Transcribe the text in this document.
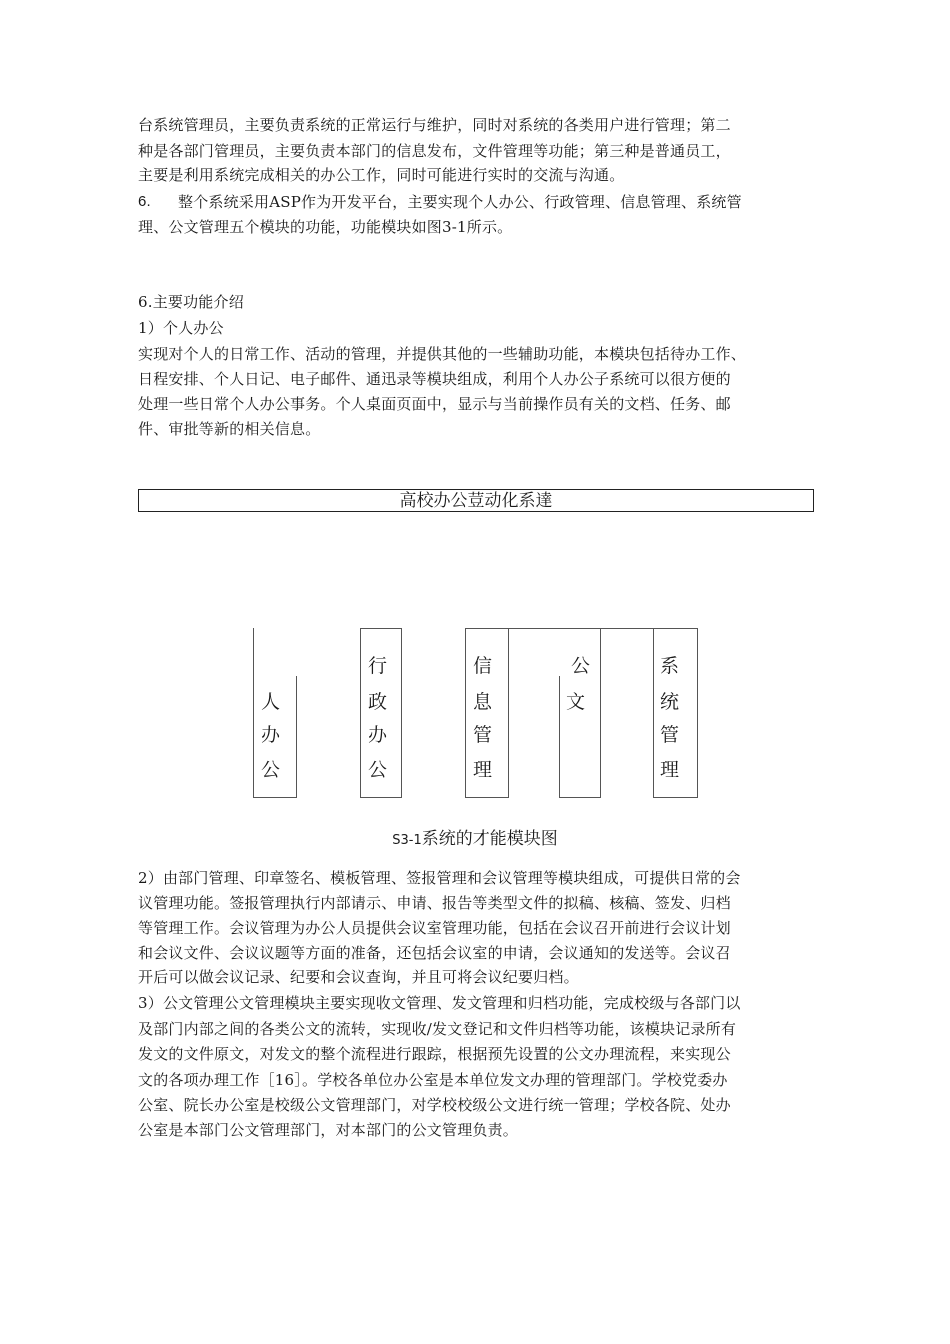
台系统管理员，主要负责系统的正常运行与维护，同时对系统的各类用户进行管理；第二
种是各部门管理员，主要负责本部门的信息发布，文件管理等功能；第三种是普通员工，
主要是利用系统完成相关的办公工作，同时可能进行实时的交流与沟通。
6. 整个系统采用ASP作为开发平台，主要实现个人办公、行政管理、信息管理、系统管
理、公文管理五个模块的功能，功能模块如图3-1所示。
6.主要功能介绍
1）个人办公
实现对个人的日常工作、活动的管理，并提供其他的一些辅助功能，本模块包括待办工作、
日程安排、个人日记、电子邮件、通迅录等模块组成，利用个人办公子系统可以很方便的
处理一些日常个人办公事务。个人桌面页面中，显示与当前操作员有关的文档、任务、邮
件、审批等新的相关信息。
高校办公荳动化系達
人
办
公
行
政
办
公
信
息
管
理
公
文
系
统
管
理
S3-1系统的才能模块图
2）由部门管理、印章签名、模板管理、签报管理和会议管理等模块组成，可提供日常的会
议管理功能。签报管理执行内部请示、申请、报告等类型文件的拟稿、核稿、签发、归档
等管理工作。会议管理为办公人员提供会议室管理功能，包括在会议召开前进行会议计划
和会议文件、会议议题等方面的准备，还包括会议室的申请，会议通知的发送等。会议召
开后可以做会议记录、纪要和会议查询，并且可将会议纪要归档。
3）公文管理公文管理模块主要实现收文管理、发文管理和归档功能，完成校级与各部门以
及部门内部之间的各类公文的流转，实现收/发文登记和文件归档等功能，该模块记录所有
发文的文件原文，对发文的整个流程进行跟踪，根据预先设置的公文办理流程，来实现公
文的各项办理工作［16］。学校各单位办公室是本单位发文办理的管理部门。学校党委办
公室、院长办公室是校级公文管理部门，对学校校级公文进行统一管理；学校各院、处办
公室是本部门公文管理部门，对本部门的公文管理负责。
